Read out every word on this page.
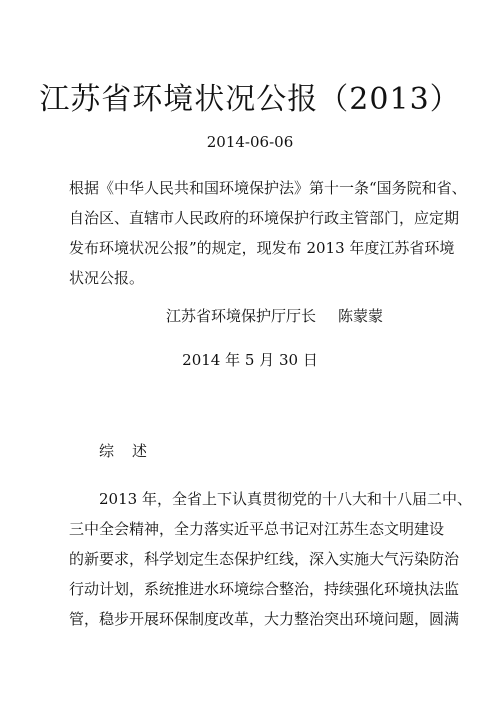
江苏省环境状况公报（2013）
2014-06-06

根据《中华人民共和国环境保护法》第十一条“国务院和省、
自治区、直辖市人民政府的环境保护行政主管部门，应定期
发布环境状况公报”的规定，现发布 2013 年度江苏省环境
状况公报。

江苏省环境保护厅厅长 陈蒙蒙
2014 年 5 月 30 日
综述

2013 年，全省上下认真贯彻党的十八大和十八届二中、
三中全会精神，全力落实近平总书记对江苏生态文明建设
的新要求，科学划定生态保护红线，深入实施大气污染防治
行动计划，系统推进水环境综合整治，持续强化环境执法监
管，稳步开展环保制度改革，大力整治突出环境问题，圆满
